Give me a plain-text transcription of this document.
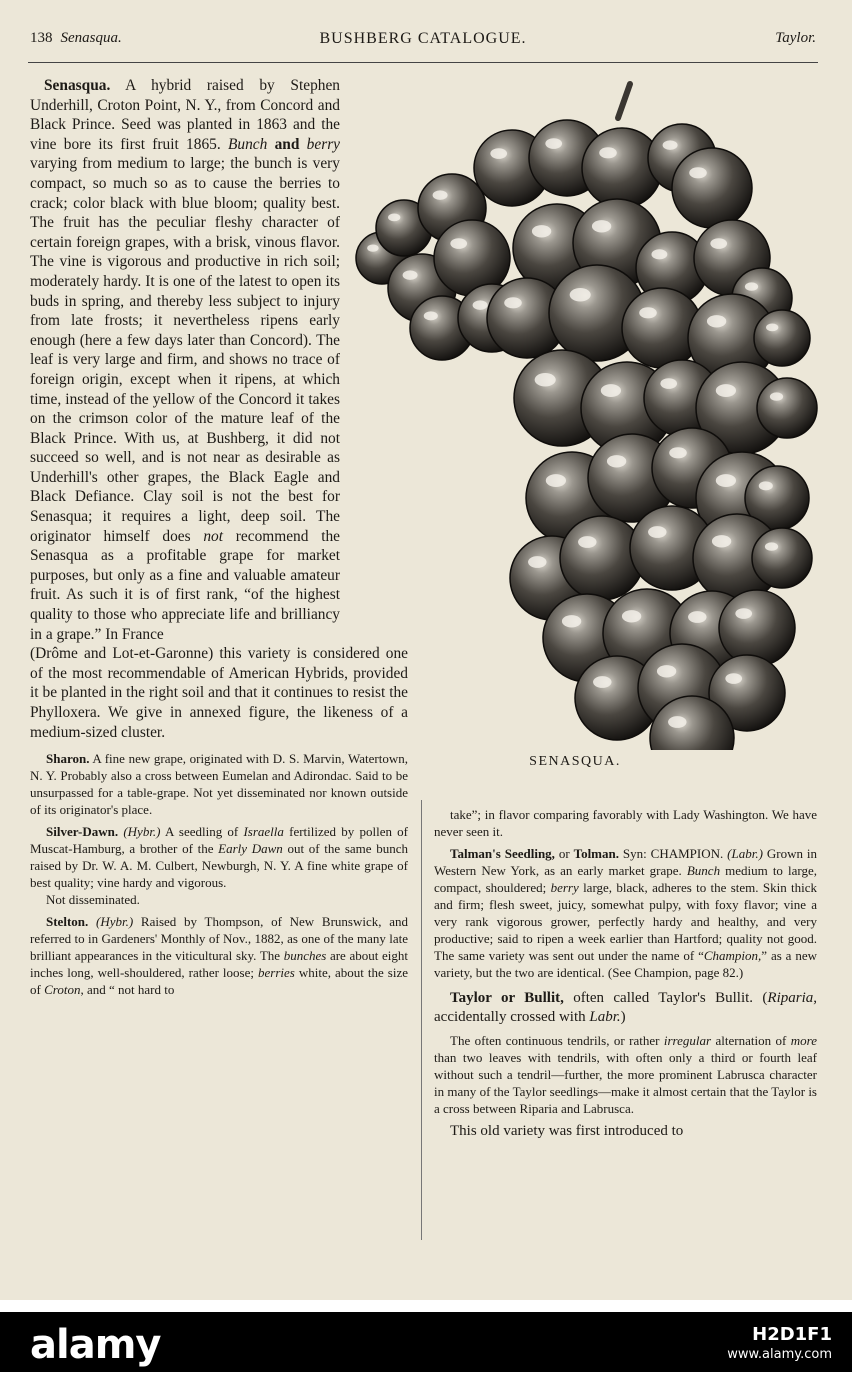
138 Senasqua.	BUSHBERG CATALOGUE.	Taylor.

Senasqua. A hybrid raised by Stephen Underhill, Croton Point, N. Y., from Concord and Black Prince. Seed was planted in 1863 and the vine bore its first fruit 1865. Bunch and berry varying from medium to large; the bunch is very compact, so much so as to cause the berries to crack; color black with blue bloom; quality best. The fruit has the peculiar fleshy character of certain foreign grapes, with a brisk, vinous flavor. The vine is vigorous and productive in rich soil; moderately hardy. It is one of the latest to open its buds in spring, and thereby less subject to injury from late frosts; it nevertheless ripens early enough (here a few days later than Concord). The leaf is very large and firm, and shows no trace of foreign origin, except when it ripens, at which time, instead of the yellow of the Concord it takes on the crimson color of the mature leaf of the Black Prince. With us, at Bushberg, it did not succeed so well, and is not near as desirable as Underhill's other grapes, the Black Eagle and Black Defiance. Clay soil is not the best for Senasqua; it requires a light, deep soil. The originator himself does not recommend the Senasqua as a profitable grape for market purposes, but only as a fine and valuable amateur fruit. As such it is of first rank, “of the highest quality to those who appreciate life and brilliancy in a grape.” In France

(Drôme and Lot-et-Garonne) this variety is considered one of the most recommendable of American Hybrids, provided it be planted in the right soil and that it continues to resist the Phylloxera. We give in annexed figure, the likeness of a medium-sized cluster.

Sharon. A fine new grape, originated with D. S. Marvin, Watertown, N. Y. Probably also a cross between Eumelan and Adirondac. Said to be unsurpassed for a table-grape. Not yet disseminated nor known outside of its originator's place.

Silver-Dawn. (Hybr.) A seedling of Israella fertilized by pollen of Muscat-Hamburg, a brother of the Early Dawn out of the same bunch raised by Dr. W. A. M. Culbert, Newburgh, N. Y. A fine white grape of best quality; vine hardy and vigorous.
Not disseminated.

Stelton. (Hybr.) Raised by Thompson, of New Brunswick, and referred to in Gardeners' Monthly of Nov., 1882, as one of the many late brilliant appearances in the viticultural sky. The bunches are about eight inches long, well-shouldered, rather loose; berries white, about the size of Croton, and “ not hard to

SENASQUA.

take”; in flavor comparing favorably with Lady Washington. We have never seen it.

Talman's Seedling, or Tolman. Syn: CHAMPION. (Labr.) Grown in Western New York, as an early market grape. Bunch medium to large, compact, shouldered; berry large, black, adheres to the stem. Skin thick and firm; flesh sweet, juicy, somewhat pulpy, with foxy flavor; vine a very rank vigorous grower, perfectly hardy and healthy, and very productive; said to ripen a week earlier than Hartford; quality not good. The same variety was sent out under the name of “Champion,” as a new variety, but the two are identical. (See Champion, page 82.)

Taylor or Bullit, often called Taylor's Bullit. (Riparia, accidentally crossed with Labr.)

The often continuous tendrils, or rather irregular alternation of more than two leaves with tendrils, with often only a third or fourth leaf without such a tendril—further, the more prominent Labrusca character in many of the Taylor seedlings—make it almost certain that the Taylor is a cross between Riparia and Labrusca.

This old variety was first introduced to

alamy	H2D1F1
www.alamy.com
